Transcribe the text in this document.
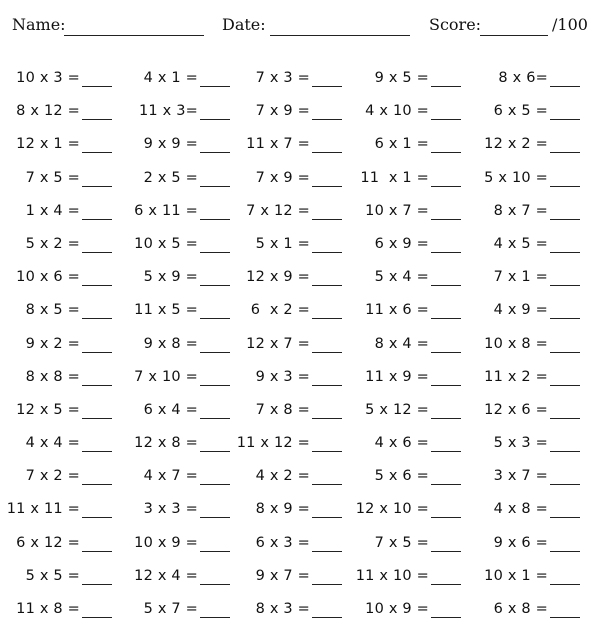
Name:	Date:	Score:	/100
10 x 3 =	4 x 1 =	7 x 3 =	9 x 5 =	8 x 6=
8 x 12 =	11 x 3=	7 x 9 =	4 x 10 =	6 x 5 =
12 x 1 =	9 x 9 =	11 x 7 =	6 x 1 =	12 x 2 =
7 x 5 =	2 x 5 =	7 x 9 =	11  x 1 =	5 x 10 =
1 x 4 =	6 x 11 =	7 x 12 =	10 x 7 =	8 x 7 =
5 x 2 =	10 x 5 =	5 x 1 =	6 x 9 =	4 x 5 =
10 x 6 =	5 x 9 =	12 x 9 =	5 x 4 =	7 x 1 =
8 x 5 =	11 x 5 =	6  x 2 =	11 x 6 =	4 x 9 =
9 x 2 =	9 x 8 =	12 x 7 =	8 x 4 =	10 x 8 =
8 x 8 =	7 x 10 =	9 x 3 =	11 x 9 =	11 x 2 =
12 x 5 =	6 x 4 =	7 x 8 =	5 x 12 =	12 x 6 =
4 x 4 =	12 x 8 =	11 x 12 =	4 x 6 =	5 x 3 =
7 x 2 =	4 x 7 =	4 x 2 =	5 x 6 =	3 x 7 =
11 x 11 =	3 x 3 =	8 x 9 =	12 x 10 =	4 x 8 =
6 x 12 =	10 x 9 =	6 x 3 =	7 x 5 =	9 x 6 =
5 x 5 =	12 x 4 =	9 x 7 =	11 x 10 =	10 x 1 =
11 x 8 =	5 x 7 =	8 x 3 =	10 x 9 =	6 x 8 =
